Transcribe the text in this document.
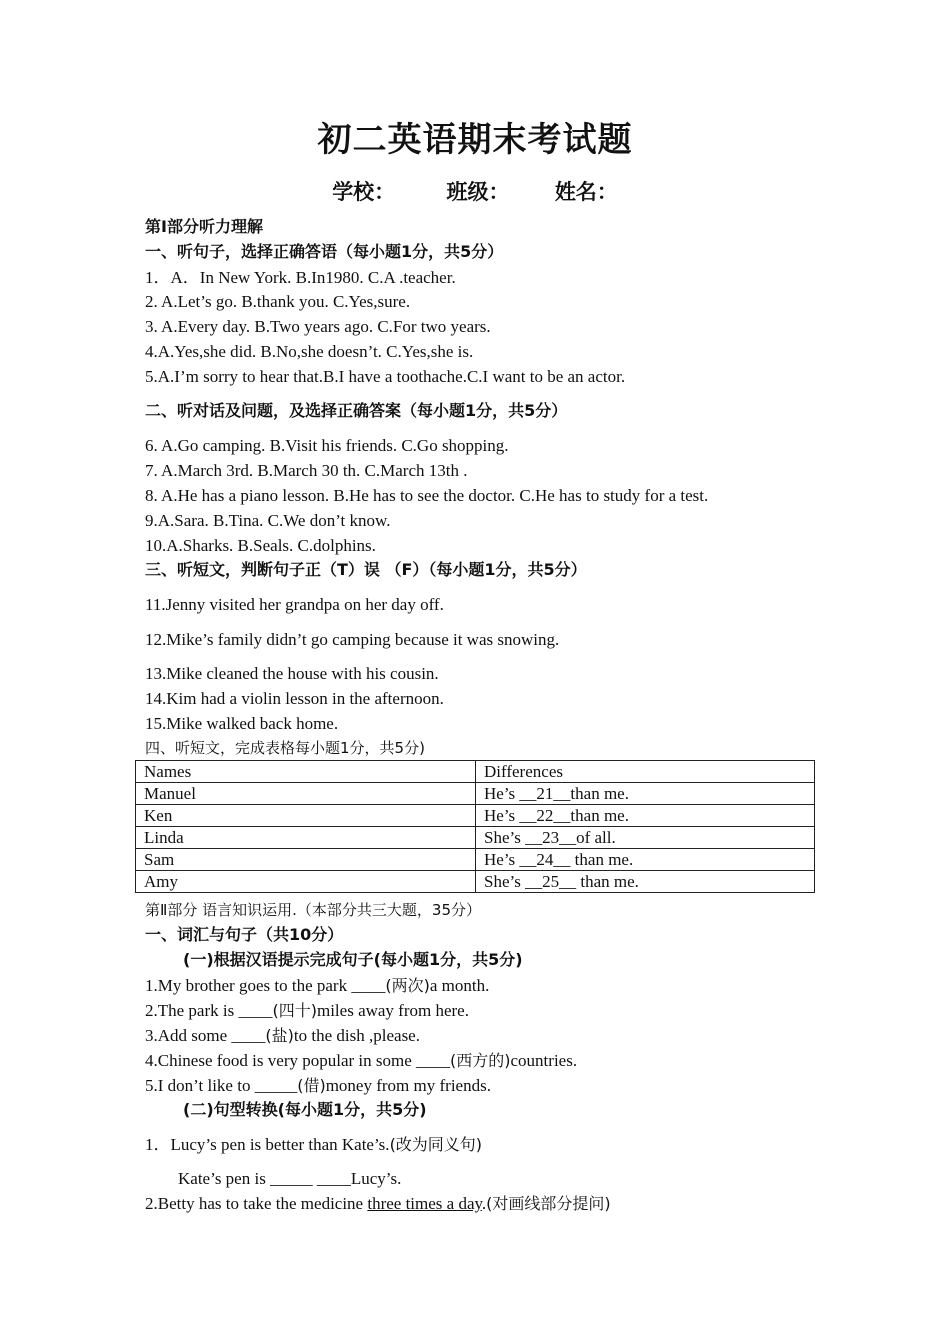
初二英语期末考试题
学校： 班级： 姓名：
第Ⅰ部分听力理解
一、听句子，选择正确答语（每小题1分，共5分）
1．A．In New York. B.In1980. C.A .teacher.
2. A.Let’s go. B.thank you. C.Yes,sure.
3. A.Every day. B.Two years ago. C.For two years.
4.A.Yes,she did. B.No,she doesn’t. C.Yes,she is.
5.A.I’m sorry to hear that.B.I have a toothache.C.I want to be an actor.
二、听对话及问题，及选择正确答案（每小题1分，共5分）
6. A.Go camping. B.Visit his friends. C.Go shopping.
7. A.March 3rd. B.March 30 th. C.March 13th .
8. A.He has a piano lesson. B.He has to see the doctor. C.He has to study for a test.
9.A.Sara. B.Tina. C.We don’t know.
10.A.Sharks. B.Seals. C.dolphins.
三、听短文，判断句子正（T）误 （F）（每小题1分，共5分）
11.Jenny visited her grandpa on her day off.
12.Mike’s family didn’t go camping because it was snowing.
13.Mike cleaned the house with his cousin.
14.Kim had a violin lesson in the afternoon.
15.Mike walked back home.
四、听短文，完成表格每小题1分，共5分)
Names	Differences
Manuel	He’s __21__than me.
Ken	He’s __22__than me.
Linda	She’s __23__of all.
Sam	He’s __24__ than me.
Amy	She’s __25__ than me.
第Ⅱ部分 语言知识运用.（本部分共三大题，35分）
一、词汇与句子（共10分）
(一)根据汉语提示完成句子(每小题1分，共5分)
1.My brother goes to the park ____(两次)a month.
2.The park is ____(四十)miles away from here.
3.Add some ____(盐)to the dish ,please.
4.Chinese food is very popular in some ____(西方的)countries.
5.I don’t like to _____(借)money from my friends.
(二)句型转换(每小题1分，共5分)
1．Lucy’s pen is better than Kate’s.(改为同义句)
Kate’s pen is _____ ____Lucy’s.
2.Betty has to take the medicine three times a day.(对画线部分提问)
